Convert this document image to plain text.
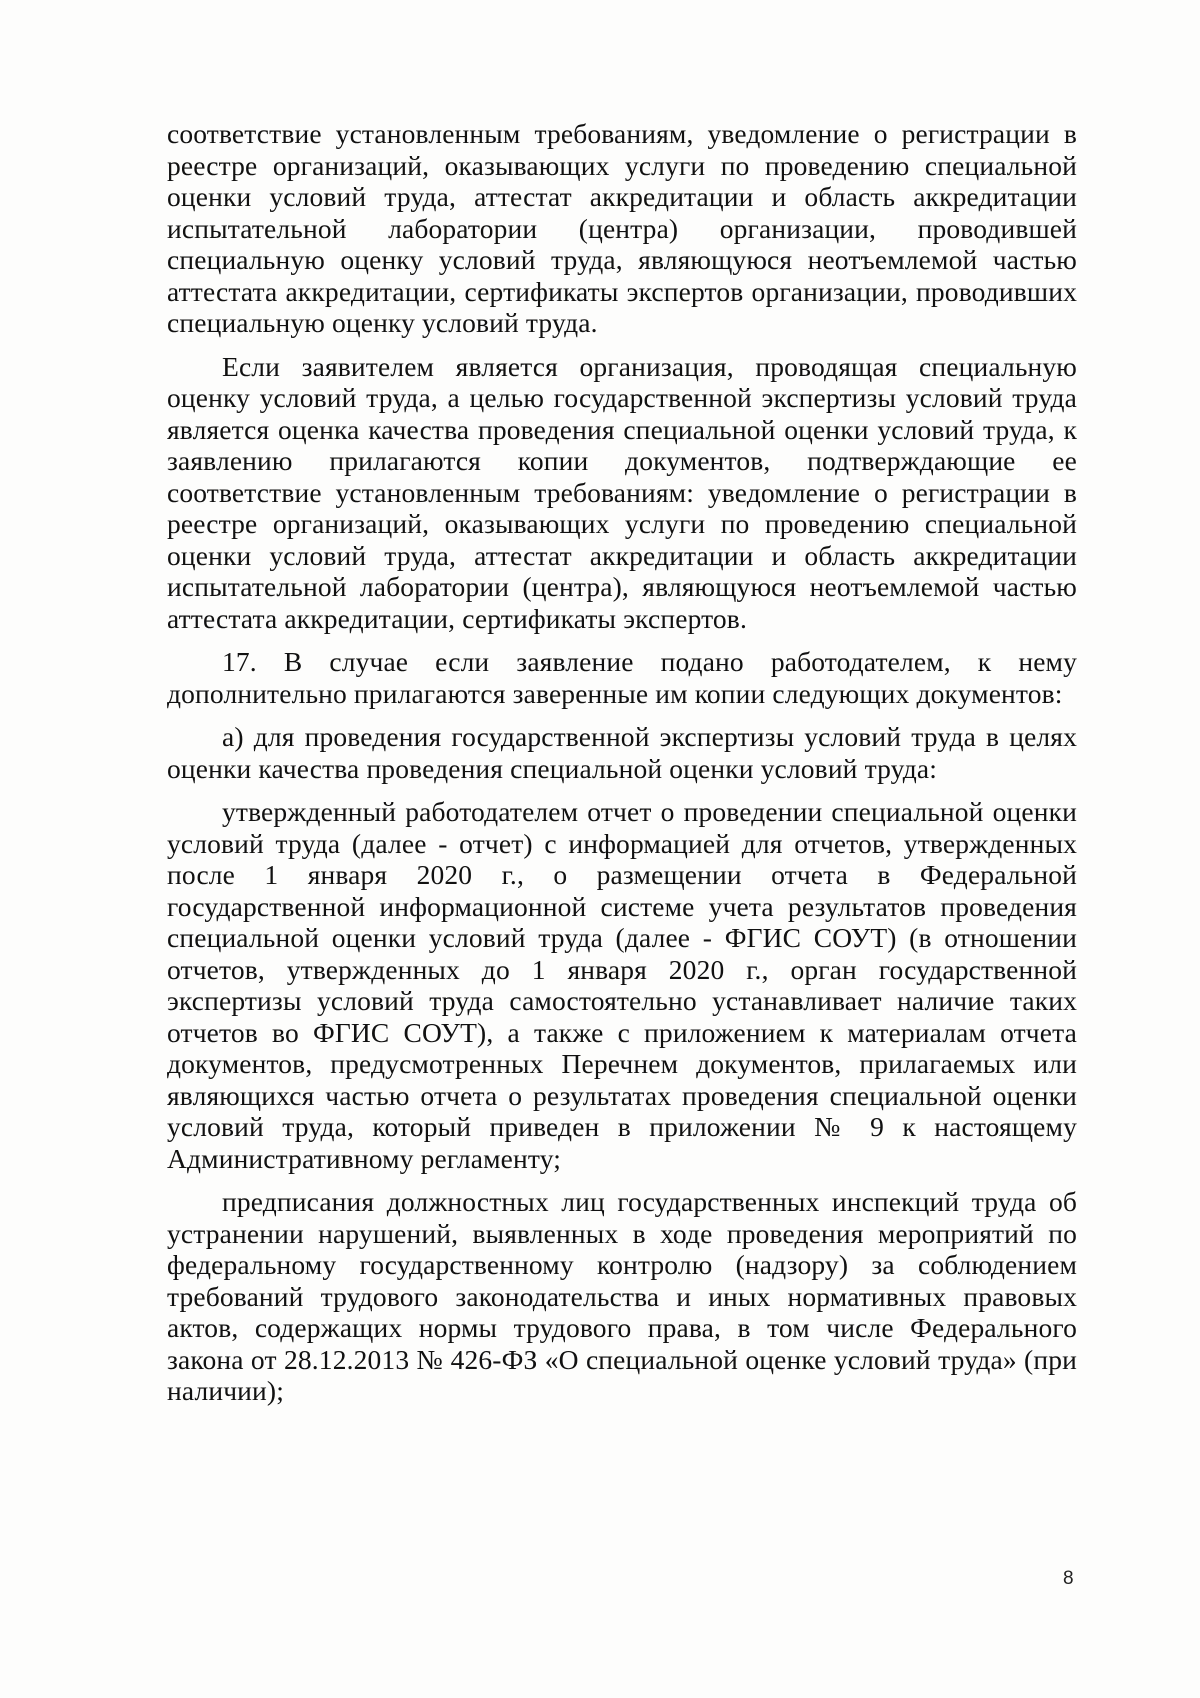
соответствие установленным требованиям, уведомление о регистрации в реестре организаций, оказывающих услуги по проведению специальной оценки условий труда, аттестат аккредитации и область аккредитации испытательной лаборатории (центра) организации, проводившей специальную оценку условий труда, являющуюся неотъемлемой частью аттестата аккредитации, сертификаты экспертов организации, проводивших специальную оценку условий труда.

Если заявителем является организация, проводящая специальную оценку условий труда, а целью государственной экспертизы условий труда является оценка качества проведения специальной оценки условий труда, к заявлению прилагаются копии документов, подтверждающие ее соответствие установленным требованиям: уведомление о регистрации в реестре организаций, оказывающих услуги по проведению специальной оценки условий труда, аттестат аккредитации и область аккредитации испытательной лаборатории (центра), являющуюся неотъемлемой частью аттестата аккредитации, сертификаты экспертов.

17. В случае если заявление подано работодателем, к нему дополнительно прилагаются заверенные им копии следующих документов:

а) для проведения государственной экспертизы условий труда в целях оценки качества проведения специальной оценки условий труда:

утвержденный работодателем отчет о проведении специальной оценки условий труда (далее - отчет) с информацией для отчетов, утвержденных после 1 января 2020 г., о размещении отчета в Федеральной государственной информационной системе учета результатов проведения специальной оценки условий труда (далее - ФГИС СОУТ) (в отношении отчетов, утвержденных до 1 января 2020 г., орган государственной экспертизы условий труда самостоятельно устанавливает наличие таких отчетов во ФГИС СОУТ), а также с приложением к материалам отчета документов, предусмотренных Перечнем документов, прилагаемых или являющихся частью отчета о результатах проведения специальной оценки условий труда, который приведен в приложении № 9 к настоящему Административному регламенту;

предписания должностных лиц государственных инспекций труда об устранении нарушений, выявленных в ходе проведения мероприятий по федеральному государственному контролю (надзору) за соблюдением требований трудового законодательства и иных нормативных правовых актов, содержащих нормы трудового права, в том числе Федерального закона от 28.12.2013 № 426-ФЗ «О специальной оценке условий труда» (при наличии);

8
